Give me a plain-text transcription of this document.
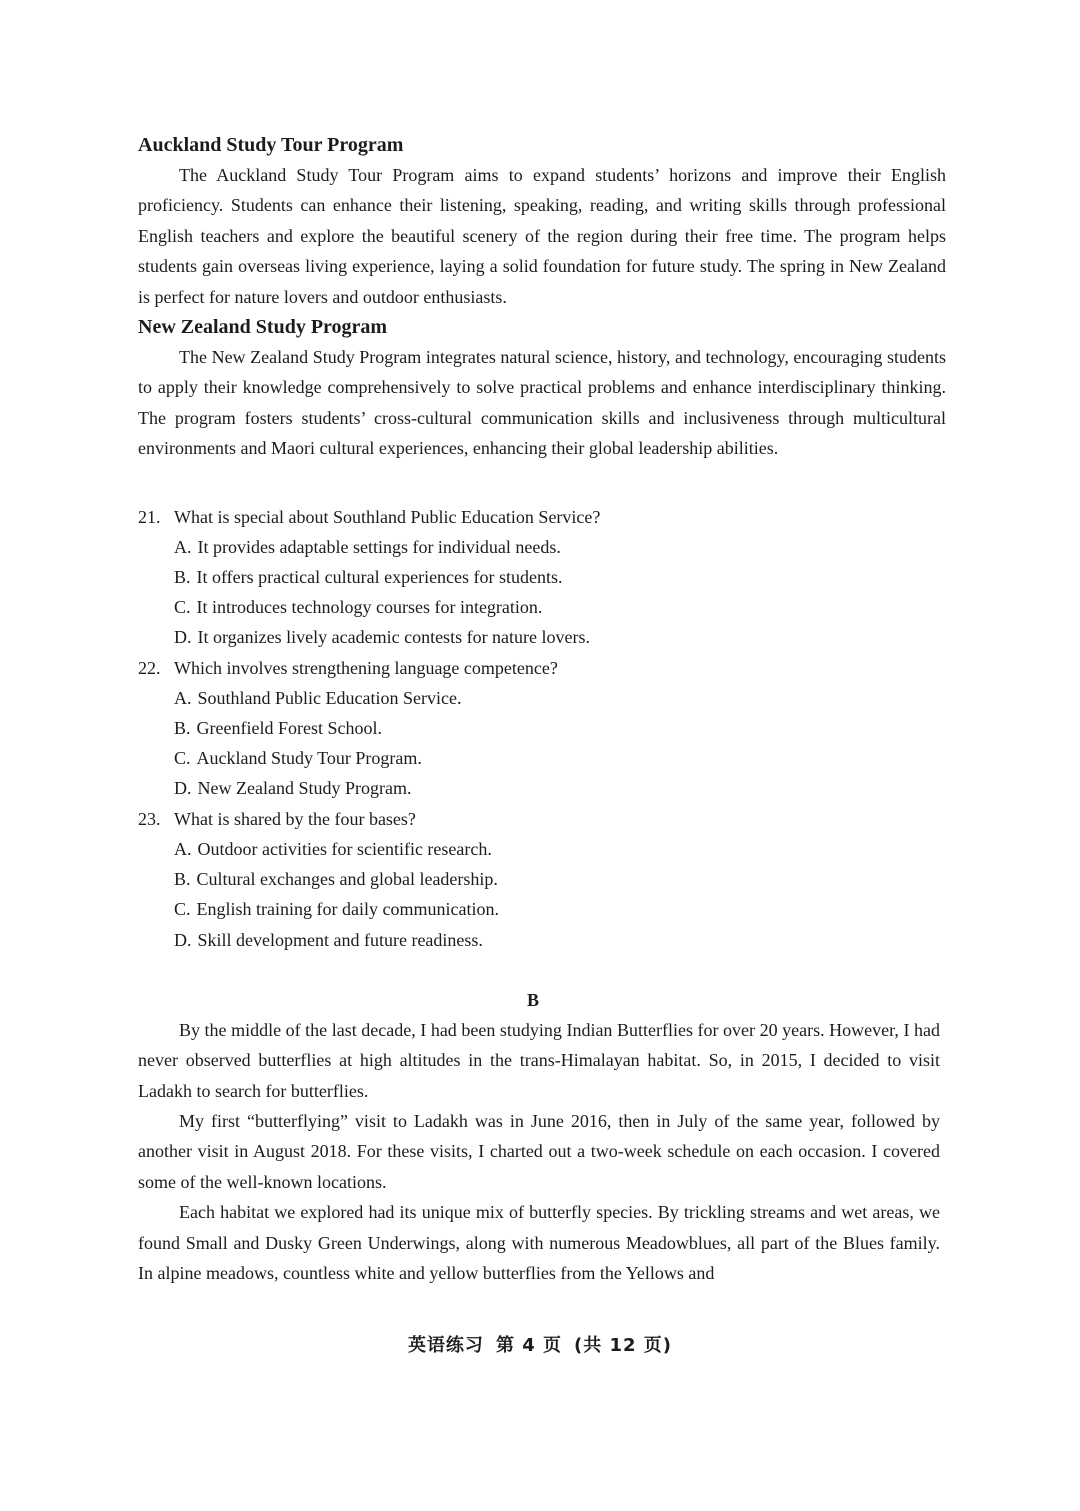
Auckland Study Tour Program

The Auckland Study Tour Program aims to expand students’ horizons and improve their English proficiency. Students can enhance their listening, speaking, reading, and writing skills through professional English teachers and explore the beautiful scenery of the region during their free time. The program helps students gain overseas living experience, laying a solid foundation for future study. The spring in New Zealand is perfect for nature lovers and outdoor enthusiasts.

New Zealand Study Program

The New Zealand Study Program integrates natural science, history, and technology, encouraging students to apply their knowledge comprehensively to solve practical problems and enhance interdisciplinary thinking. The program fosters students’ cross-cultural communication skills and inclusiveness through multicultural environments and Maori cultural experiences, enhancing their global leadership abilities.

21. What is special about Southland Public Education Service?

A. It provides adaptable settings for individual needs.

B. It offers practical cultural experiences for students.

C. It introduces technology courses for integration.

D. It organizes lively academic contests for nature lovers.

22. Which involves strengthening language competence?

A. Southland Public Education Service.

B. Greenfield Forest School.

C. Auckland Study Tour Program.

D. New Zealand Study Program.

23. What is shared by the four bases?

A. Outdoor activities for scientific research.

B. Cultural exchanges and global leadership.

C. English training for daily communication.

D. Skill development and future readiness.

B

By the middle of the last decade, I had been studying Indian Butterflies for over 20 years. However, I had never observed butterflies at high altitudes in the trans-Himalayan habitat. So, in 2015, I decided to visit Ladakh to search for butterflies.

My first “butterflying” visit to Ladakh was in June 2016, then in July of the same year, followed by another visit in August 2018. For these visits, I charted out a two-week schedule on each occasion. I covered some of the well-known locations.

Each habitat we explored had its unique mix of butterfly species. By trickling streams and wet areas, we found Small and Dusky Green Underwings, along with numerous Meadowblues, all part of the Blues family. In alpine meadows, countless white and yellow butterflies from the Yellows and

英语练习 第 4 页 (共 12 页)
